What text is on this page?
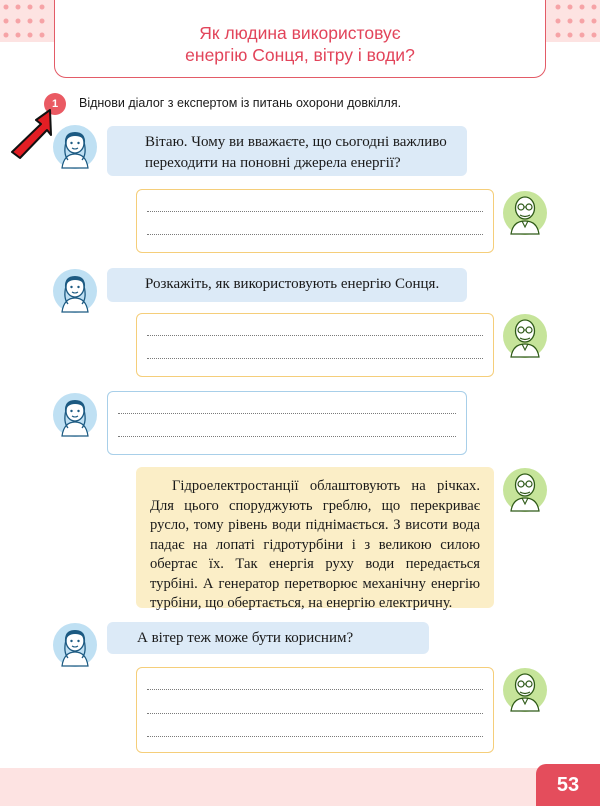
Як людина використовує
енергію Сонця, вітру і води?
1	Віднови діалог з експертом із питань охорони довкілля.
Вітаю. Чому ви вважаєте, що сьогодні важливо переходити на поновні джерела енергії?
Розкажіть, як використовують енергію Сонця.
Гідроелектростанції облаштовують на річках. Для цього споруджують греблю, що перекриває русло, тому рівень води піднімається. З висоти вода падає на лопаті гідротурбіни і з великою силою обертає їх. Так енергія руху води передається турбіні. А генератор перетворює механічну енергію турбіни, що обертається, на енергію електричну.
А вітер теж може бути корисним?
53
